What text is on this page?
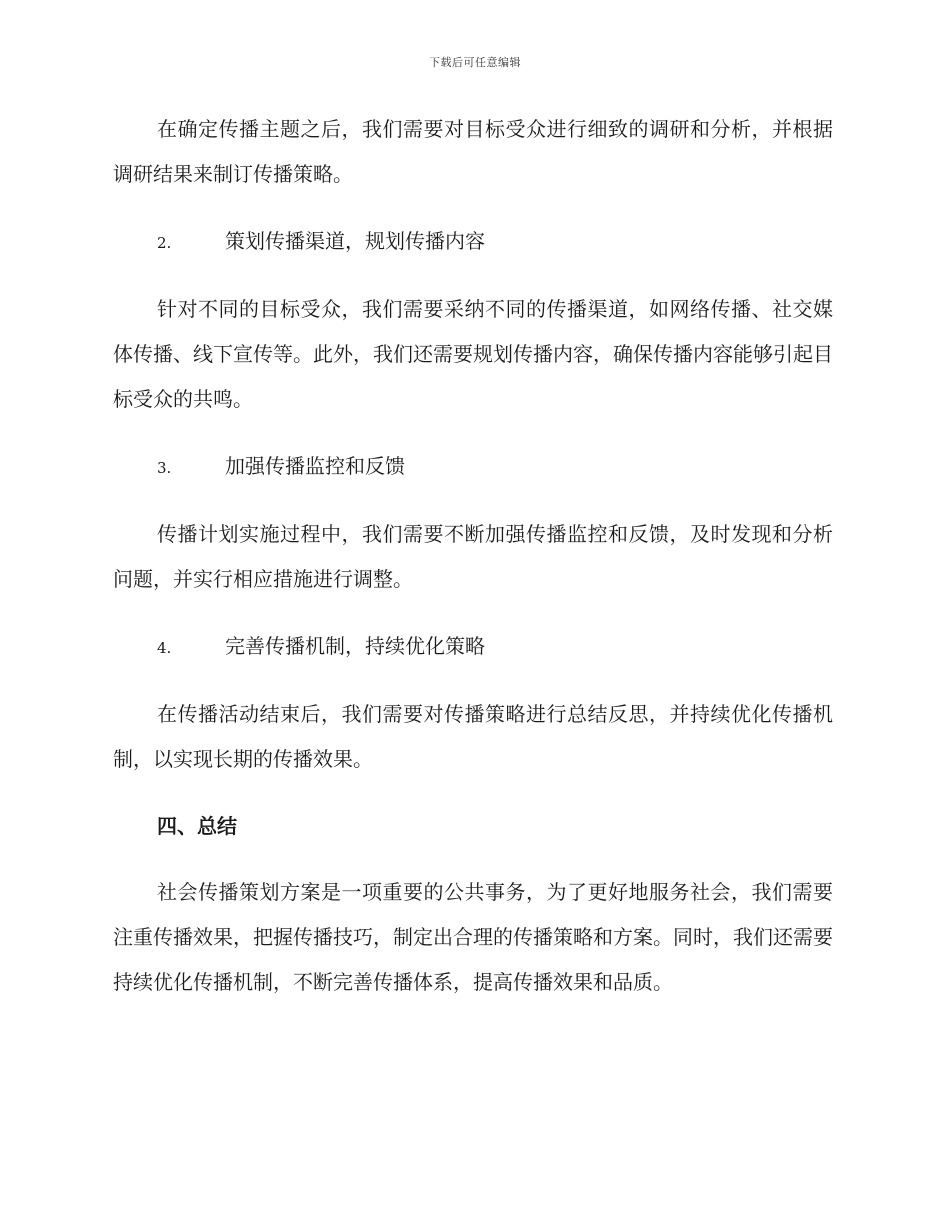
下载后可任意编辑

在确定传播主题之后，我们需要对目标受众进行细致的调研和分析，并根据调研结果来制订传播策略。

2.	策划传播渠道，规划传播内容

针对不同的目标受众，我们需要采纳不同的传播渠道，如网络传播、社交媒体传播、线下宣传等。此外，我们还需要规划传播内容，确保传播内容能够引起目标受众的共鸣。

3.	加强传播监控和反馈

传播计划实施过程中，我们需要不断加强传播监控和反馈，及时发现和分析问题，并实行相应措施进行调整。

4.	完善传播机制，持续优化策略

在传播活动结束后，我们需要对传播策略进行总结反思，并持续优化传播机制，以实现长期的传播效果。

四、总结

社会传播策划方案是一项重要的公共事务，为了更好地服务社会，我们需要注重传播效果，把握传播技巧，制定出合理的传播策略和方案。同时，我们还需要持续优化传播机制，不断完善传播体系，提高传播效果和品质。
